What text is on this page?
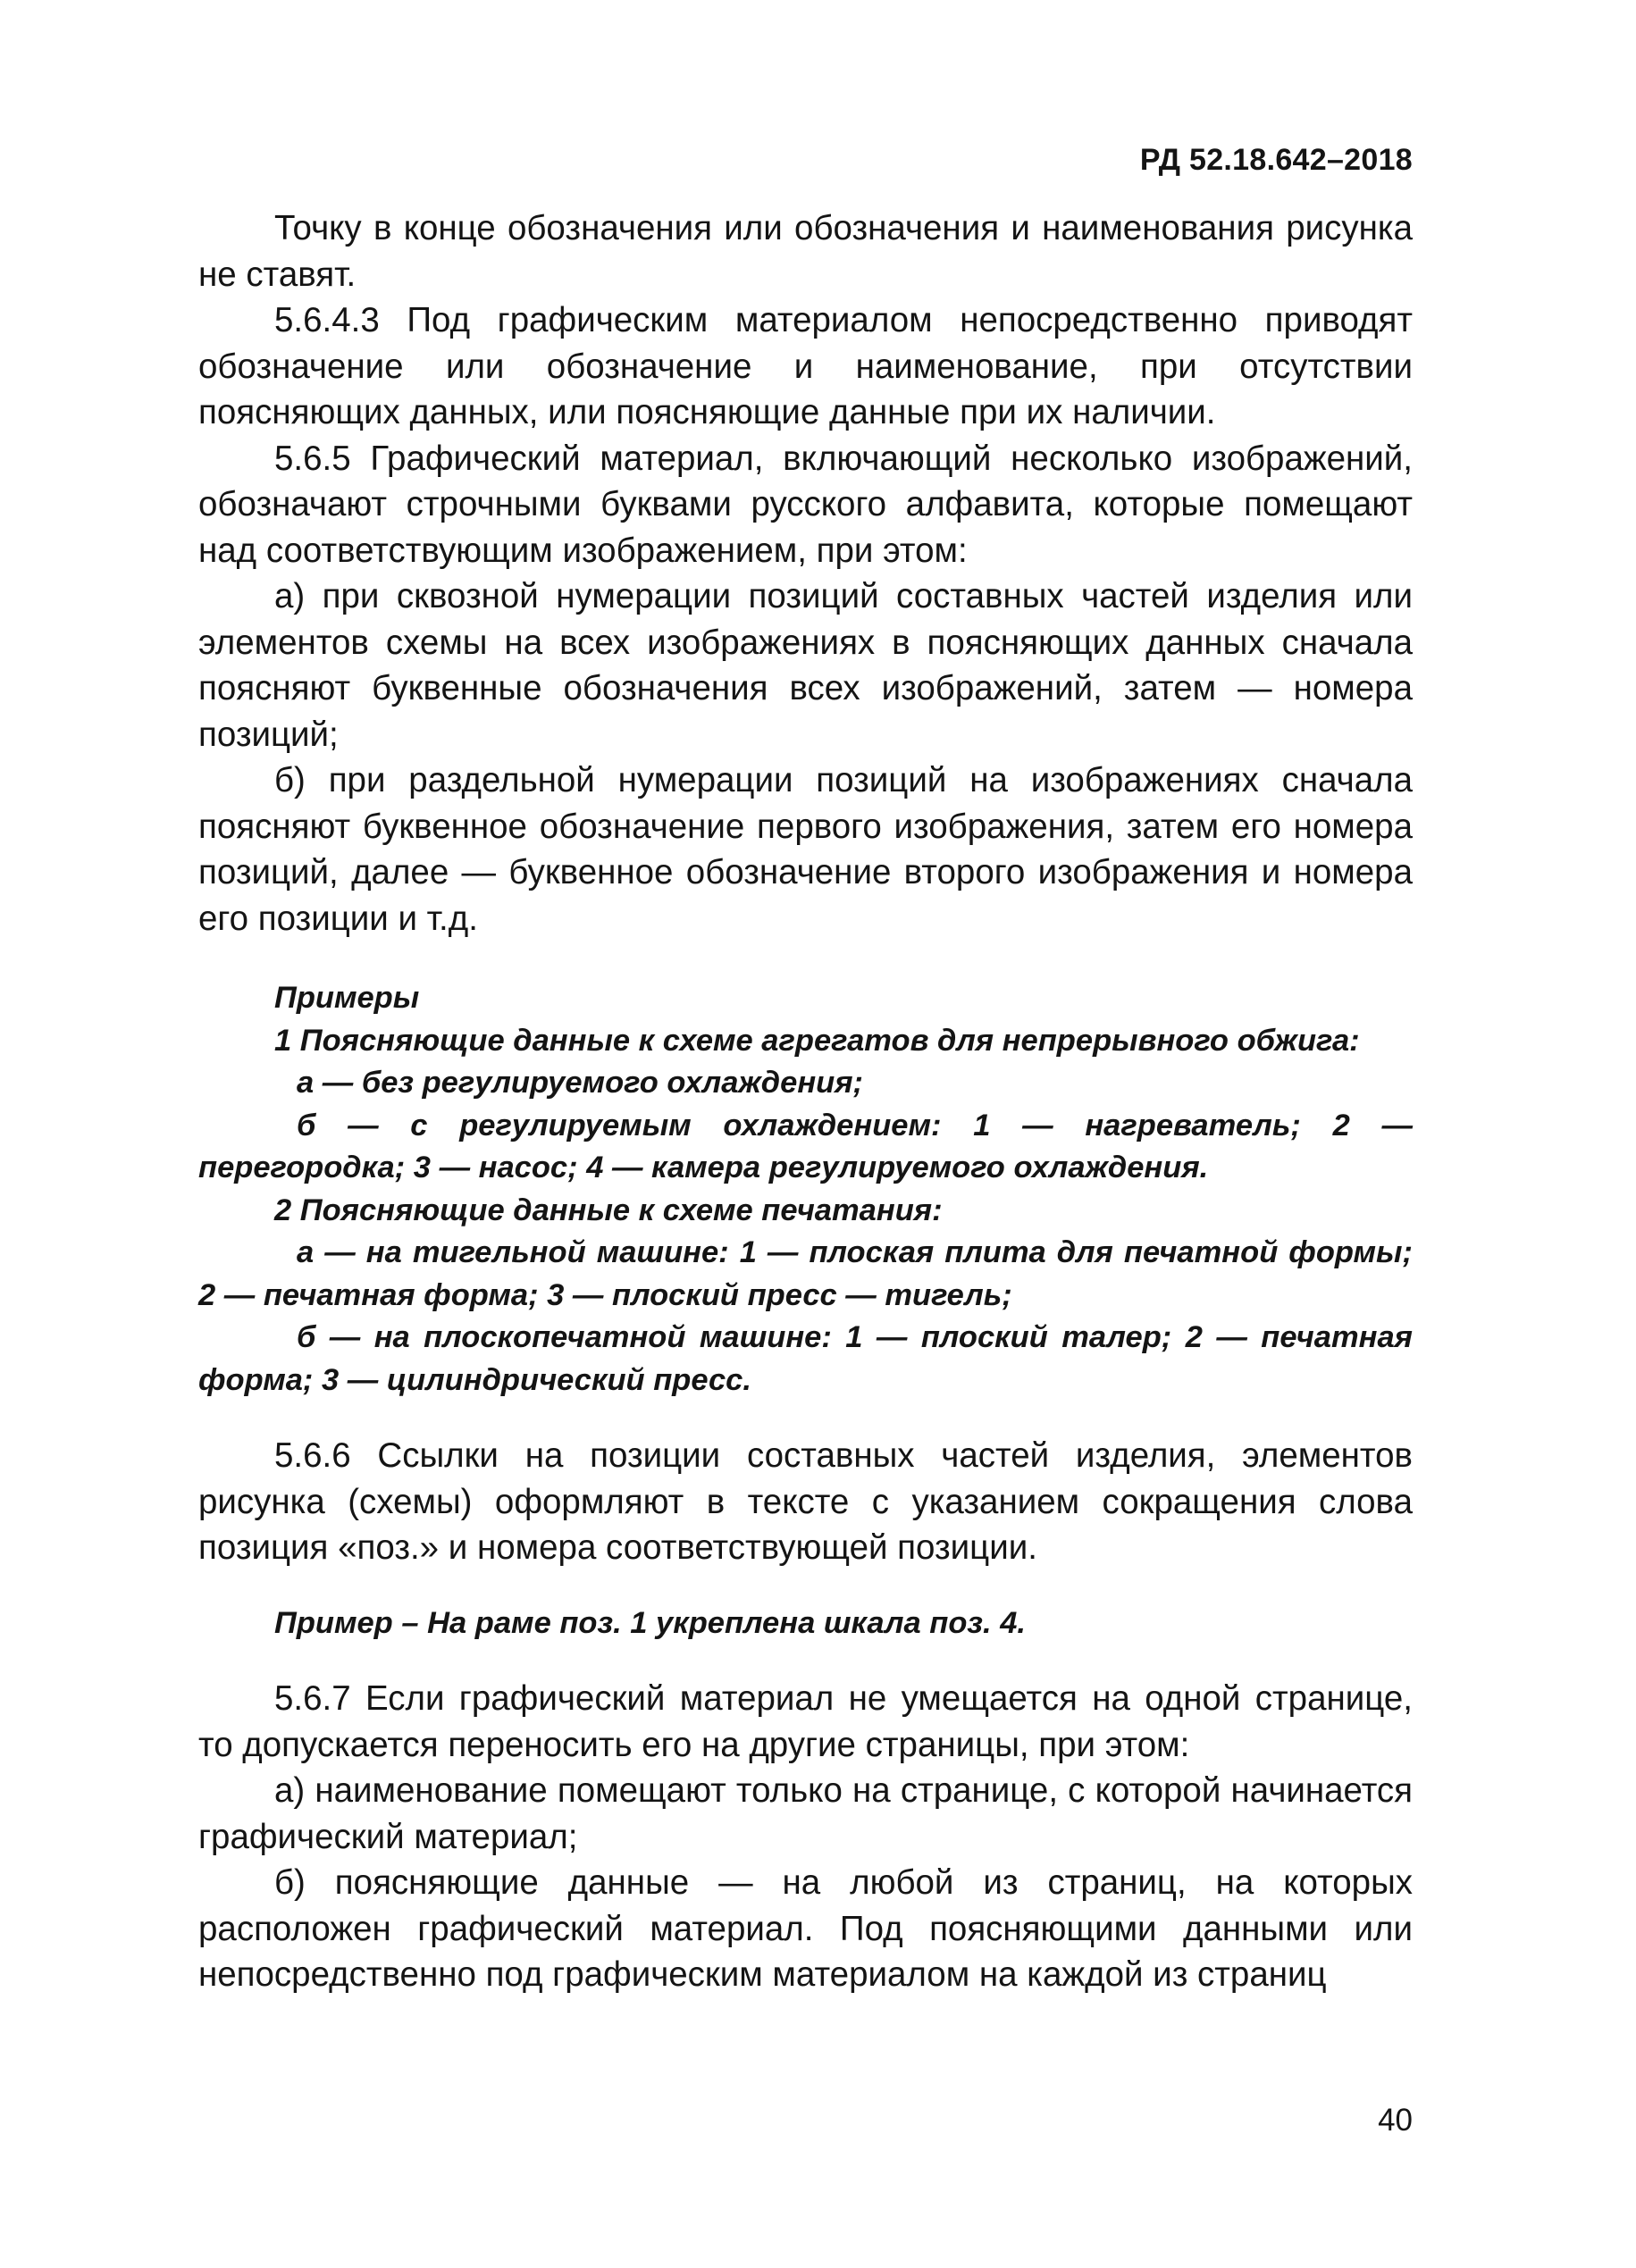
РД 52.18.642–2018

Точку в конце обозначения или обозначения и наименования рисунка не ставят.

5.6.4.3 Под графическим материалом непосредственно приводят обозначение или обозначение и наименование, при отсутствии поясняющих данных, или поясняющие данные при их наличии.

5.6.5 Графический материал, включающий несколько изображений, обозначают строчными буквами русского алфавита, которые помещают над соответствующим изображением, при этом:

а) при сквозной нумерации позиций составных частей изделия или элементов схемы на всех изображениях в поясняющих данных сначала поясняют буквенные обозначения всех изображений, затем — номера позиций;

б) при раздельной нумерации позиций на изображениях сначала поясняют буквенное обозначение первого изображения, затем его номера позиций, далее — буквенное обозначение второго изображения и номера его позиции и т.д.

Примеры

1 Поясняющие данные к схеме агрегатов для непрерывного обжига:

а — без регулируемого охлаждения;

б — с регулируемым охлаждением: 1 — нагреватель; 2 — перегородка; 3 — насос; 4 — камера регулируемого охлаждения.

2 Поясняющие данные к схеме печатания:

а — на тигельной машине: 1 — плоская плита для печатной формы; 2 — печатная форма; 3 — плоский пресс — тигель;

б — на плоскопечатной машине: 1 — плоский талер; 2 — печатная форма; 3 — цилиндрический пресс.

5.6.6 Ссылки на позиции составных частей изделия, элементов рисунка (схемы) оформляют в тексте с указанием сокращения слова позиция «поз.» и номера соответствующей позиции.

Пример – На раме поз. 1 укреплена шкала поз. 4.

5.6.7 Если графический материал не умещается на одной странице, то допускается переносить его на другие страницы, при этом:

а) наименование помещают только на странице, с которой начинается графический материал;

б) поясняющие данные — на любой из страниц, на которых расположен графический материал. Под поясняющими данными или непосредственно под графическим материалом на каждой из страниц

40
